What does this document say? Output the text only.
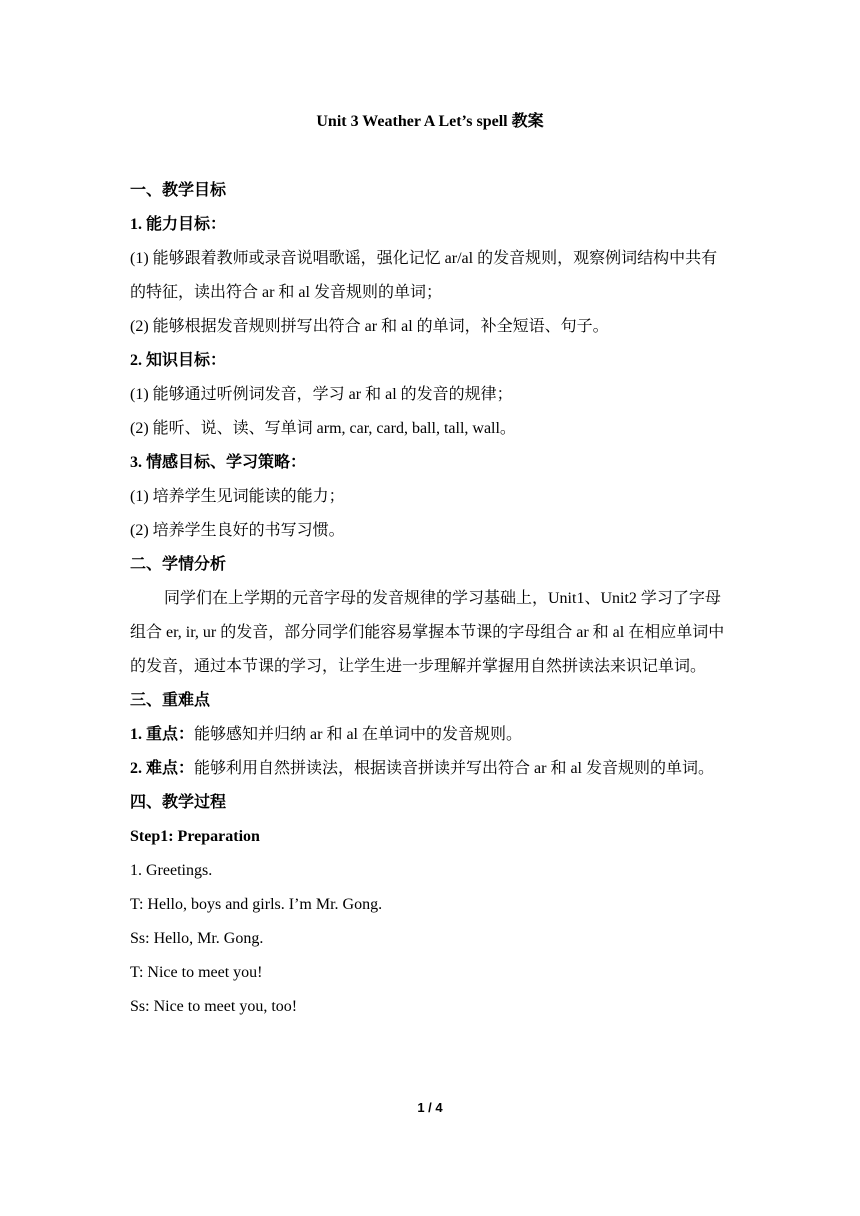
Unit 3 Weather A Let’s spell 教案

一、教学目标

1. 能力目标：

(1) 能够跟着教师或录音说唱歌谣，强化记忆 ar/al 的发音规则，观察例词结构中共有的特征，读出符合 ar 和 al 发音规则的单词；

(2) 能够根据发音规则拼写出符合 ar 和 al 的单词，补全短语、句子。

2. 知识目标：

(1) 能够通过听例词发音，学习 ar 和 al 的发音的规律；

(2) 能听、说、读、写单词 arm, car, card, ball, tall, wall。

3. 情感目标、学习策略：

(1) 培养学生见词能读的能力；

(2) 培养学生良好的书写习惯。

二、学情分析

同学们在上学期的元音字母的发音规律的学习基础上，Unit1、Unit2 学习了字母组合 er, ir, ur 的发音，部分同学们能容易掌握本节课的字母组合 ar 和 al 在相应单词中的发音，通过本节课的学习，让学生进一步理解并掌握用自然拼读法来识记单词。

三、重难点

1. 重点：能够感知并归纳 ar 和 al 在单词中的发音规则。

2. 难点：能够利用自然拼读法，根据读音拼读并写出符合 ar 和 al 发音规则的单词。

四、教学过程

Step1: Preparation

1. Greetings.

T: Hello, boys and girls. I’m Mr. Gong.

Ss: Hello, Mr. Gong.

T: Nice to meet you!

Ss: Nice to meet you, too!

1 / 4
